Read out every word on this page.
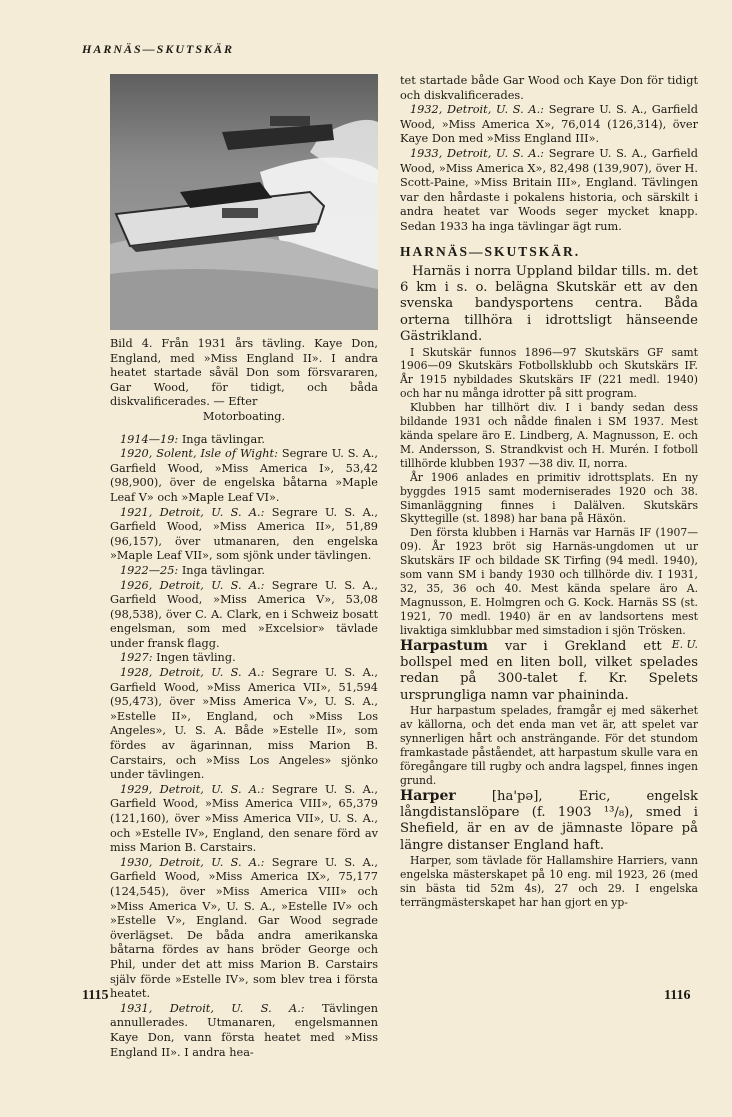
HARNÄS—SKUTSKÄR
Bild 4. Från 1931 års tävling. Kaye Don, England, med »Miss England II». I andra heatet startade såväl Don som försvararen, Gar Wood, för tidigt, och båda diskvalificerades. — Efter
Motorboating.

1914—19: Inga tävlingar.

1920, Solent, Isle of Wight: Segrare U. S. A., Garfield Wood, »Miss America I», 53,42 (98,900), över de engelska båtarna »Maple Leaf V» och »Maple Leaf VI».

1921, Detroit, U. S. A.: Segrare U. S. A., Garfield Wood, »Miss America II», 51,89 (96,157), över utmanaren, den engelska »Maple Leaf VII», som sjönk under tävlingen.

1922—25: Inga tävlingar.

1926, Detroit, U. S. A.: Segrare U. S. A., Garfield Wood, »Miss America V», 53,08 (98,538), över C. A. Clark, en i Schweiz bosatt engelsman, som med »Excelsior» tävlade under fransk flagg.

1927: Ingen tävling.

1928, Detroit, U. S. A.: Segrare U. S. A., Garfield Wood, »Miss America VII», 51,594 (95,473), över »Miss America V», U. S. A., »Estelle II», England, och »Miss Los Angeles», U. S. A. Både »Estelle II», som fördes av ägarinnan, miss Marion B. Carstairs, och »Miss Los Angeles» sjönko under tävlingen.

1929, Detroit, U. S. A.: Segrare U. S. A., Garfield Wood, »Miss America VIII», 65,379 (121,160), över »Miss America VII», U. S. A., och »Estelle IV», England, den senare förd av miss Marion B. Carstairs.

1930, Detroit, U. S. A.: Segrare U. S. A., Garfield Wood, »Miss America IX», 75,177 (124,545), över »Miss America VIII» och »Miss America V», U. S. A., »Estelle IV» och »Estelle V», England. Gar Wood segrade överlägset. De båda andra amerikanska båtarna fördes av hans bröder George och Phil, under det att miss Marion B. Carstairs själv förde »Estelle IV», som blev trea i första heatet.

1931, Detroit, U. S. A.: Tävlingen annullerades. Utmanaren, engelsmannen Kaye Don, vann första heatet med »Miss England II». I andra hea-

tet startade både Gar Wood och Kaye Don för tidigt och diskvalificerades.

1932, Detroit, U. S. A.: Segrare U. S. A., Garfield Wood, »Miss America X», 76,014 (126,314), över Kaye Don med »Miss England III».

1933, Detroit, U. S. A.: Segrare U. S. A., Garfield Wood, »Miss America X», 82,498 (139,907), över H. Scott-Paine, »Miss Britain III», England. Tävlingen var den hårdaste i pokalens historia, och särskilt i andra heatet var Woods seger mycket knapp. Sedan 1933 ha inga tävlingar ägt rum.

HARNÄS—SKUTSKÄR.

Harnäs i norra Uppland bildar tills. m. det 6 km i s. o. belägna Skutskär ett av den svenska bandysportens centra. Båda orterna tillhöra i idrottsligt hänseende Gästrikland.

I Skutskär funnos 1896—97 Skutskärs GF samt 1906—09 Skutskärs Fotbollsklubb och Skutskärs IF. År 1915 nybildades Skutskärs IF (221 medl. 1940) och har nu många idrotter på sitt program.

Klubben har tillhört div. I i bandy sedan dess bildande 1931 och nådde finalen i SM 1937. Mest kända spelare äro E. Lindberg, A. Magnusson, E. och M. Andersson, S. Strandkvist och H. Murén. I fotboll tillhörde klubben 1937 —38 div. II, norra.

År 1906 anlades en primitiv idrottsplats. En ny byggdes 1915 samt moderniserades 1920 och 38. Simanläggning finnes i Dalälven. Skutskärs Skyttegille (st. 1898) har bana på Häxön.

Den första klubben i Harnäs var Harnäs IF (1907—09). År 1923 bröt sig Harnäs-ungdomen ut ur Skutskärs IF och bildade SK Tirfing (94 medl. 1940), som vann SM i bandy 1930 och tillhörde div. I 1931, 32, 35, 36 och 40. Mest kända spelare äro A. Magnusson, E. Holmgren och G. Kock. Harnäs SS (st. 1921, 70 medl. 1940) är en av landsortens mest livaktiga simklubbar med simstadion i sjön Trösken.
E. U.

Harpastum var i Grekland ett bollspel med en liten boll, vilket spelades redan på 300-talet f. Kr. Spelets ursprungliga namn var phaininda.

Hur harpastum spelades, framgår ej med säkerhet av källorna, och det enda man vet är, att spelet var synnerligen hårt och ansträngande. För det stundom framkastade påståendet, att harpastum skulle vara en föregångare till rugby och andra lagspel, finnes ingen grund.

Harper [ha'pə], Eric, engelsk långdistanslöpare (f. 1903 ¹³/₈), smed i Shefield, är en av de jämnaste löpare på längre distanser England haft.

Harper, som tävlade för Hallamshire Harriers, vann engelska mästerskapet på 10 eng. mil 1923, 26 (med sin bästa tid 52m 4s), 27 och 29. I engelska terrängmästerskapet har han gjort en yp-

1115	1116
